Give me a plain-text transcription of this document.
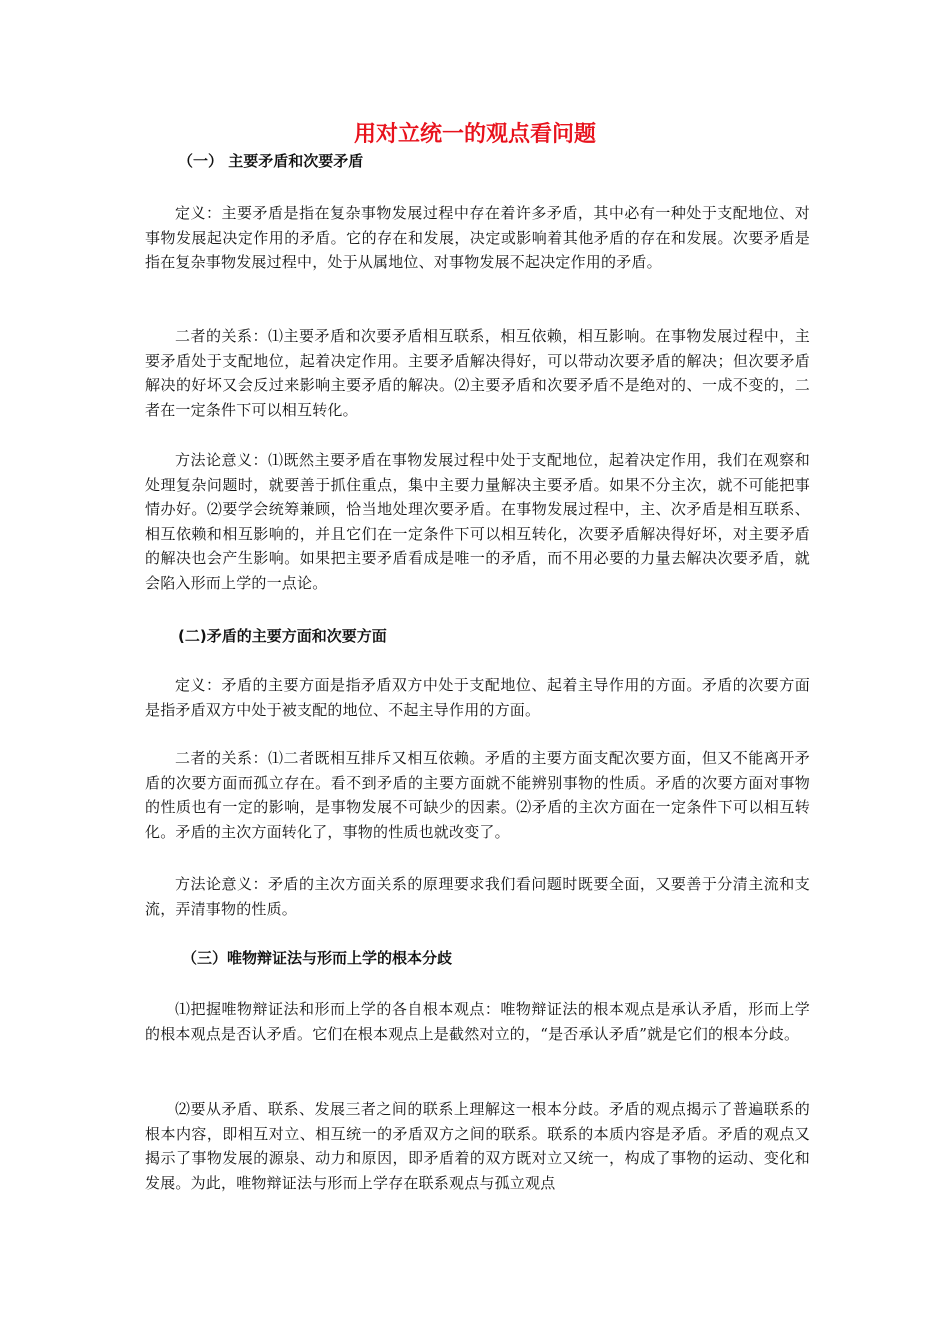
用对立统一的观点看问题
（一） 主要矛盾和次要矛盾

定义：主要矛盾是指在复杂事物发展过程中存在着许多矛盾，其中必有一种处于支配地位、对事物发展起决定作用的矛盾。它的存在和发展，决定或影响着其他矛盾的存在和发展。次要矛盾是指在复杂事物发展过程中，处于从属地位、对事物发展不起决定作用的矛盾。

二者的关系：⑴主要矛盾和次要矛盾相互联系，相互依赖，相互影响。在事物发展过程中，主要矛盾处于支配地位，起着决定作用。主要矛盾解决得好，可以带动次要矛盾的解决；但次要矛盾解决的好坏又会反过来影响主要矛盾的解决。⑵主要矛盾和次要矛盾不是绝对的、一成不变的，二者在一定条件下可以相互转化。

方法论意义：⑴既然主要矛盾在事物发展过程中处于支配地位，起着决定作用，我们在观察和处理复杂问题时，就要善于抓住重点，集中主要力量解决主要矛盾。如果不分主次，就不可能把事情办好。⑵要学会统筹兼顾，恰当地处理次要矛盾。在事物发展过程中，主、次矛盾是相互联系、相互依赖和相互影响的，并且它们在一定条件下可以相互转化，次要矛盾解决得好坏，对主要矛盾的解决也会产生影响。如果把主要矛盾看成是唯一的矛盾，而不用必要的力量去解决次要矛盾，就会陷入形而上学的一点论。

(二)矛盾的主要方面和次要方面

定义：矛盾的主要方面是指矛盾双方中处于支配地位、起着主导作用的方面。矛盾的次要方面是指矛盾双方中处于被支配的地位、不起主导作用的方面。

二者的关系：⑴二者既相互排斥又相互依赖。矛盾的主要方面支配次要方面，但又不能离开矛盾的次要方面而孤立存在。看不到矛盾的主要方面就不能辨别事物的性质。矛盾的次要方面对事物的性质也有一定的影响，是事物发展不可缺少的因素。⑵矛盾的主次方面在一定条件下可以相互转化。矛盾的主次方面转化了，事物的性质也就改变了。

方法论意义：矛盾的主次方面关系的原理要求我们看问题时既要全面，又要善于分清主流和支流，弄清事物的性质。

（三）唯物辩证法与形而上学的根本分歧

⑴把握唯物辩证法和形而上学的各自根本观点：唯物辩证法的根本观点是承认矛盾，形而上学的根本观点是否认矛盾。它们在根本观点上是截然对立的，“是否承认矛盾”就是它们的根本分歧。

⑵要从矛盾、联系、发展三者之间的联系上理解这一根本分歧。矛盾的观点揭示了普遍联系的根本内容，即相互对立、相互统一的矛盾双方之间的联系。联系的本质内容是矛盾。矛盾的观点又揭示了事物发展的源泉、动力和原因，即矛盾着的双方既对立又统一，构成了事物的运动、变化和发展。为此，唯物辩证法与形而上学存在联系观点与孤立观点
